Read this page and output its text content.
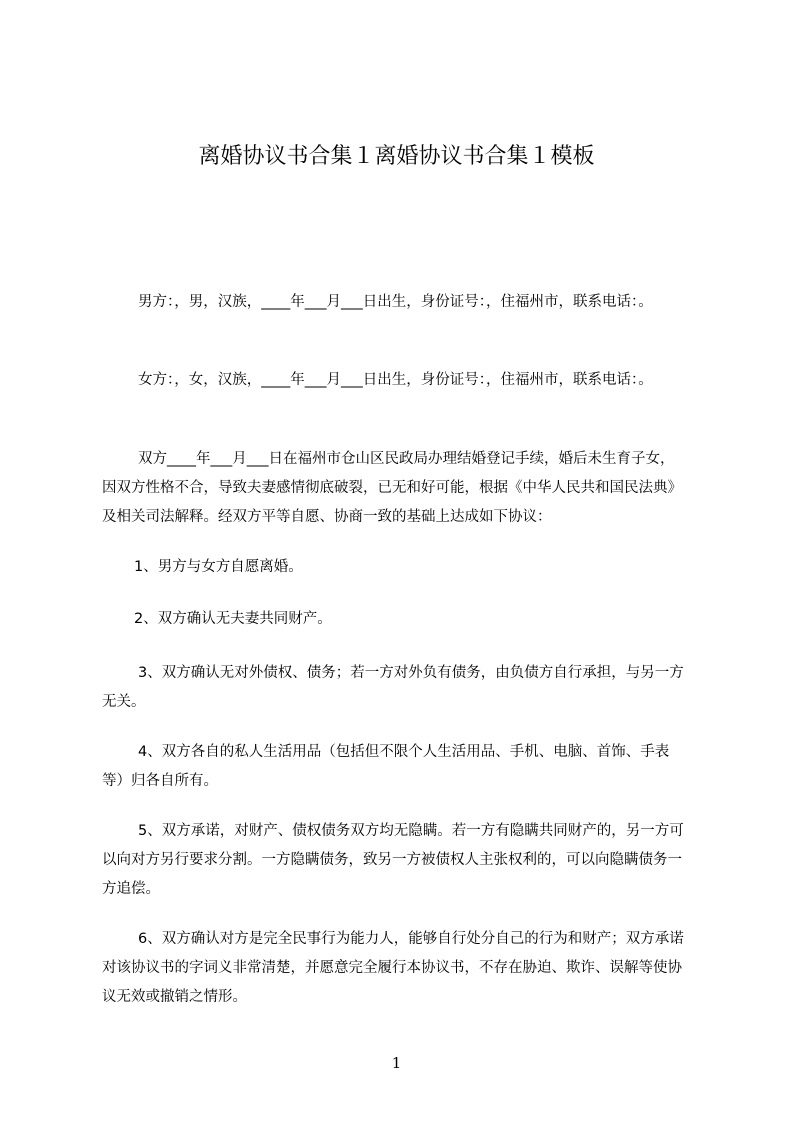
离婚协议书合集１离婚协议书合集１模板

男方：，男，汉族，____年___月___日出生，身份证号：，住福州市，联系电话：。

女方：，女，汉族，____年___月___日出生，身份证号：，住福州市，联系电话：。

双方____年___月___日在福州市仓山区民政局办理结婚登记手续，婚后未生育子女，因双方性格不合，导致夫妻感情彻底破裂，已无和好可能，根据《中华人民共和国民法典》及相关司法解释。经双方平等自愿、协商一致的基础上达成如下协议：

1、男方与女方自愿离婚。

2、双方确认无夫妻共同财产。

3、双方确认无对外债权、债务；若一方对外负有债务，由负债方自行承担，与另一方无关。

4、双方各自的私人生活用品（包括但不限个人生活用品、手机、电脑、首饰、手表等）归各自所有。

5、双方承诺，对财产、债权债务双方均无隐瞒。若一方有隐瞒共同财产的，另一方可以向对方另行要求分割。一方隐瞒债务，致另一方被债权人主张权利的，可以向隐瞒债务一方追偿。

6、双方确认对方是完全民事行为能力人，能够自行处分自己的行为和财产；双方承诺对该协议书的字词义非常清楚，并愿意完全履行本协议书，不存在胁迫、欺诈、误解等使协议无效或撤销之情形。

1
